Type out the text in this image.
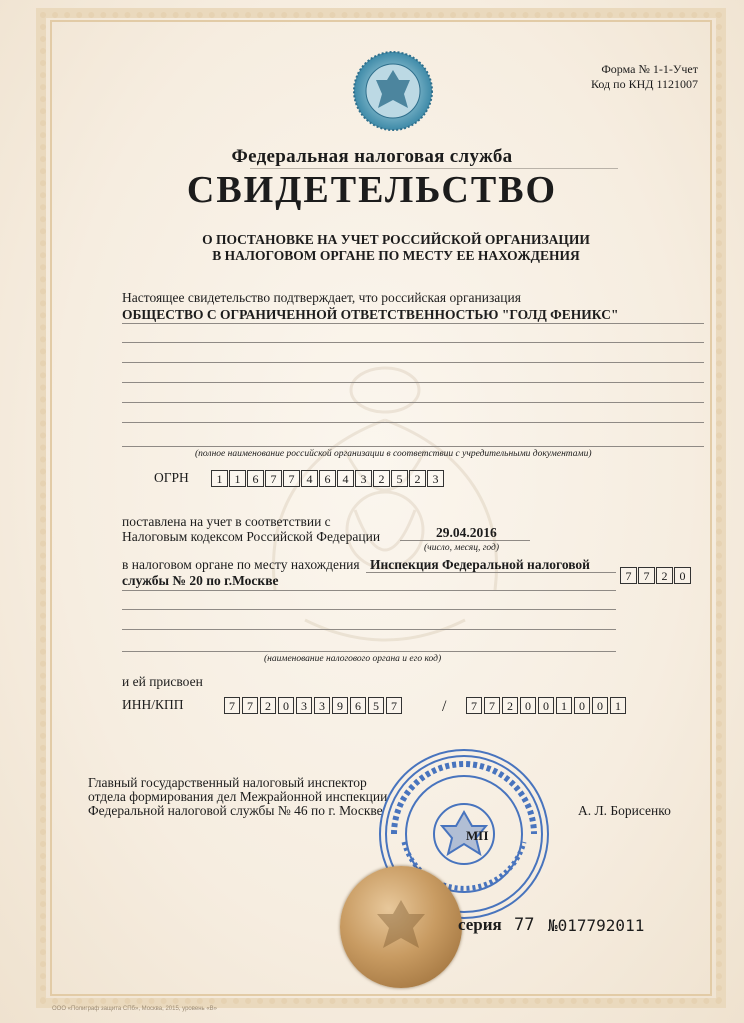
Форма № 1-1-Учет
Код по КНД 1121007
Федеральная налоговая служба
СВИДЕТЕЛЬСТВО
О ПОСТАНОВКЕ НА УЧЕТ РОССИЙСКОЙ ОРГАНИЗАЦИИ
В НАЛОГОВОМ ОРГАНЕ ПО МЕСТУ ЕЕ НАХОЖДЕНИЯ
Настоящее свидетельство подтверждает, что российская организация
ОБЩЕСТВО С ОГРАНИЧЕННОЙ ОТВЕТСТВЕННОСТЬЮ "ГОЛД ФЕНИКС"
(полное наименование российской организации в соответствии с учредительными документами)
ОГРН	1	1	6	7	7	4	6	4	3	2	5	2	3
поставлена на учет в соответствии с
Налоговым кодексом Российской Федерации	29.04.2016
(число, месяц, год)
в налоговом органе по месту нахождения Инспекция Федеральной налоговой
службы № 20 по г.Москве	7	7	2	0
(наименование налогового органа и его код)
и ей присвоен
ИНН/КПП	7	7	2	0	3	3	9	6	5	7	/	7	7	2	0	0	1	0	0	1
Главный государственный налоговый инспектор
отдела формирования дел Межрайонной инспекции
Федеральной налоговой службы № 46 по г. Москве	А. Л. Борисенко
МП
серия 77 №017792011
ООО «Полиграф защита СПб», Москва, 2015, уровень «В»
